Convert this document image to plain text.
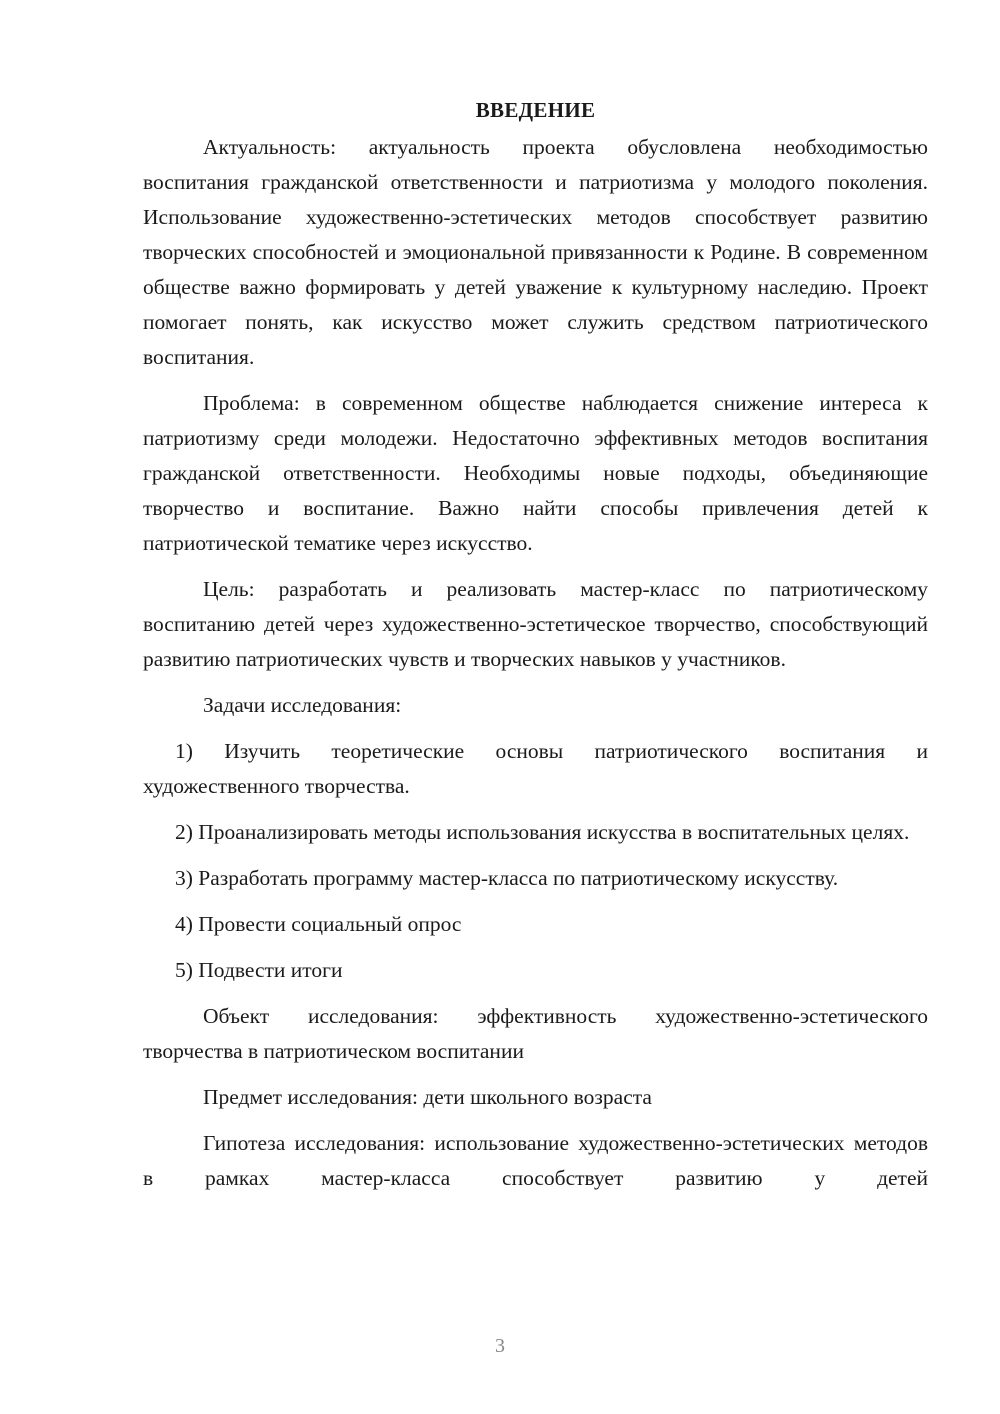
ВВЕДЕНИЕ

Актуальность: актуальность проекта обусловлена необходимостью воспитания гражданской ответственности и патриотизма у молодого поколения. Использование художественно-эстетических методов способствует развитию творческих способностей и эмоциональной привязанности к Родине. В современном обществе важно формировать у детей уважение к культурному наследию. Проект помогает понять, как искусство может служить средством патриотического воспитания.

Проблема: в современном обществе наблюдается снижение интереса к патриотизму среди молодежи. Недостаточно эффективных методов воспитания гражданской ответственности. Необходимы новые подходы, объединяющие творчество и воспитание. Важно найти способы привлечения детей к патриотической тематике через искусство.

Цель: разработать и реализовать мастер-класс по патриотическому воспитанию детей через художественно-эстетическое творчество, способствующий развитию патриотических чувств и творческих навыков у участников.

Задачи исследования:

1) Изучить теоретические основы патриотического воспитания и художественного творчества.

2) Проанализировать методы использования искусства в воспитательных целях.

3) Разработать программу мастер-класса по патриотическому искусству.

4) Провести социальный опрос

5) Подвести итоги

Объект исследования: эффективность художественно-эстетического творчества в патриотическом воспитании

Предмет исследования: дети школьного возраста

Гипотеза исследования: использование художественно-эстетических методов в рамках мастер-класса способствует развитию у детей

3
